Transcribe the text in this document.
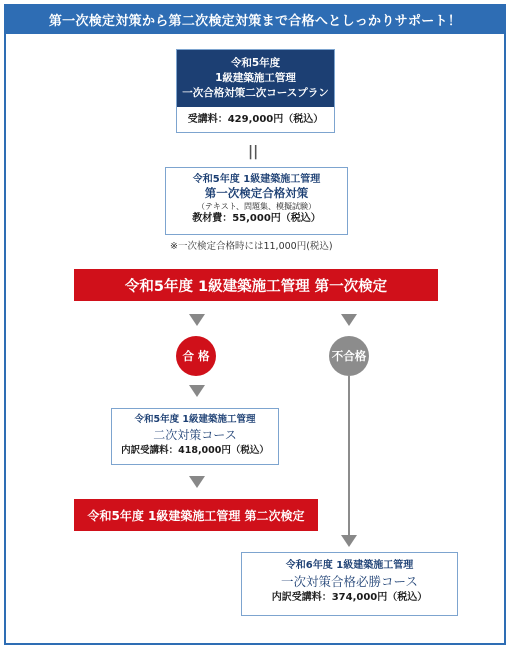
第一次検定対策から第二次検定対策まで合格へとしっかりサポート！
令和5年度
1級建築施工管理
一次合格対策二次コースプラン
受講料：429,000円（税込）
||
令和5年度 1級建築施工管理
第一次検定合格対策
（テキスト、問題集、模擬試験）
教材費：55,000円（税込）
※一次検定合格時には11,000円(税込)
令和5年度 1級建築施工管理 第一次検定
合 格	不合格
令和5年度 1級建築施工管理
二次対策コース
内訳受講料：418,000円（税込）
令和5年度 1級建築施工管理 第二次検定
令和6年度 1級建築施工管理
一次対策合格必勝コース
内訳受講料：374,000円（税込）
